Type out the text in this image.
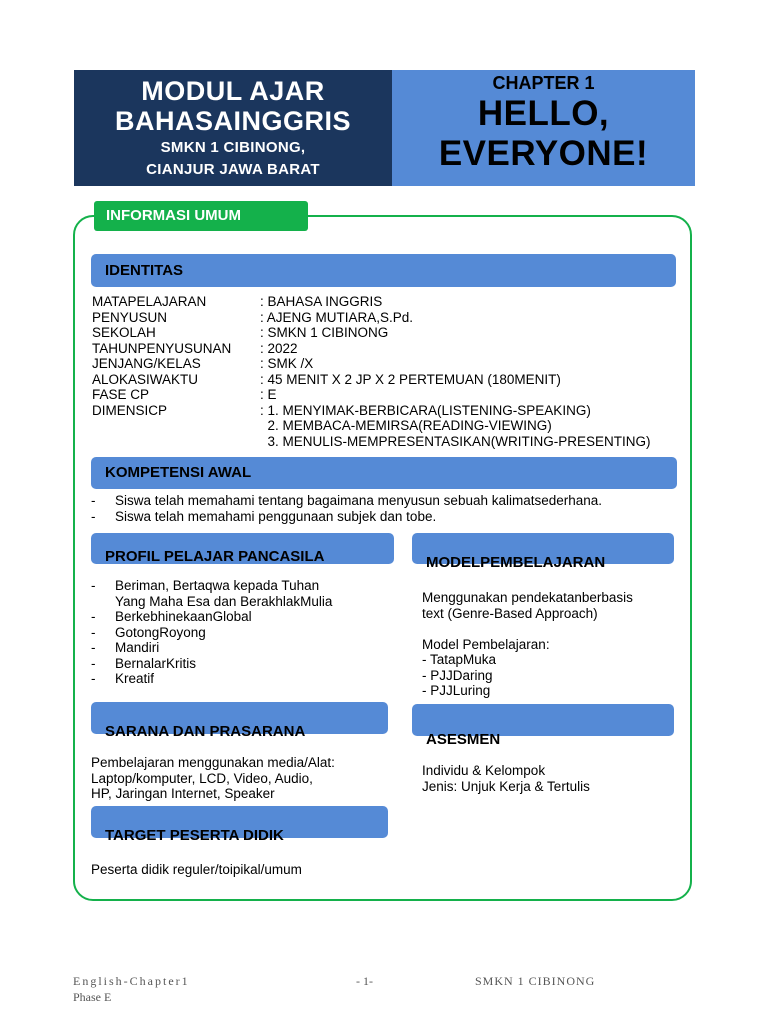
MODUL AJAR
BAHASAINGGRIS
SMKN 1 CIBINONG,
CIANJUR JAWA BARAT
CHAPTER 1
HELLO,
EVERYONE!
INFORMASI UMUM
IDENTITAS
MATAPELAJARAN	: BAHASA INGGRIS
PENYUSUN	: AJENG MUTIARA,S.Pd.
SEKOLAH	: SMKN 1 CIBINONG
TAHUNPENYUSUNAN	: 2022
JENJANG/KELAS	: SMK /X
ALOKASIWAKTU	: 45 MENIT X 2 JP X 2 PERTEMUAN (180MENIT)
FASE CP	: E
DIMENSICP	: 1. MENYIMAK-BERBICARA(LISTENING-SPEAKING)
2. MEMBACA-MEMIRSA(READING-VIEWING)
3. MENULIS-MEMPRESENTASIKAN(WRITING-PRESENTING)
KOMPETENSI AWAL
-	Siswa telah memahami tentang bagaimana menyusun sebuah kalimatsederhana.
-	Siswa telah memahami penggunaan subjek dan tobe.
PROFIL PELAJAR PANCASILA
-	Beriman, Bertaqwa kepada Tuhan
Yang Maha Esa dan BerakhlakMulia
-	BerkebhinekaanGlobal
-	GotongRoyong
-	Mandiri
-	BernalarKritis
-	Kreatif
MODELPEMBELAJARAN
Menggunakan pendekatanberbasis
text (Genre-Based Approach)
Model Pembelajaran:
- TatapMuka
- PJJDaring
- PJJLuring
SARANA DAN PRASARANA
Pembelajaran menggunakan media/Alat:
Laptop/komputer, LCD, Video, Audio,
HP, Jaringan Internet, Speaker
ASESMEN
Individu & Kelompok
Jenis: Unjuk Kerja & Tertulis
TARGET PESERTA DIDIK
Peserta didik reguler/toipikal/umum
English-Chapter1
Phase E
- 1-	SMKN 1 CIBINONG
